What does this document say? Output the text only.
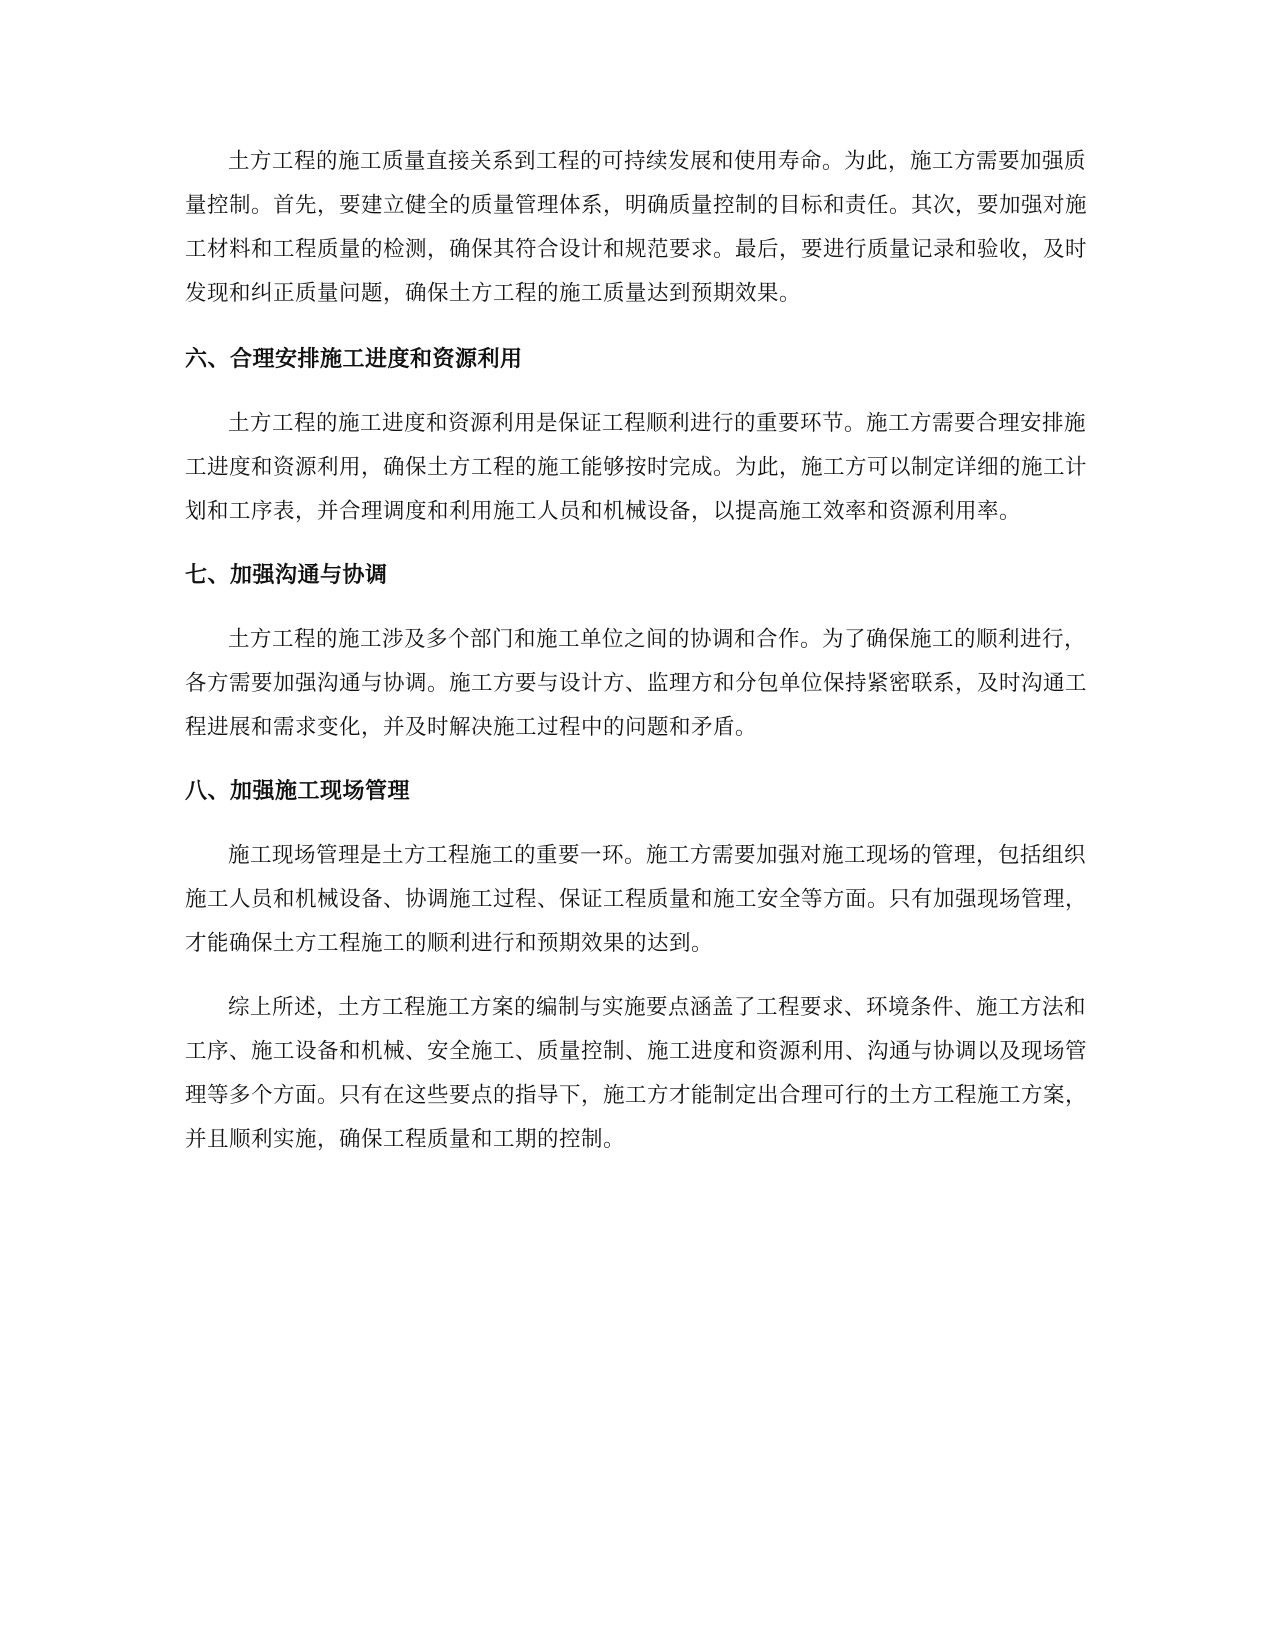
土方工程的施工质量直接关系到工程的可持续发展和使用寿命。为此，施工方需要加强质量控制。首先，要建立健全的质量管理体系，明确质量控制的目标和责任。其次，要加强对施工材料和工程质量的检测，确保其符合设计和规范要求。最后，要进行质量记录和验收，及时发现和纠正质量问题，确保土方工程的施工质量达到预期效果。

六、合理安排施工进度和资源利用

土方工程的施工进度和资源利用是保证工程顺利进行的重要环节。施工方需要合理安排施工进度和资源利用，确保土方工程的施工能够按时完成。为此，施工方可以制定详细的施工计划和工序表，并合理调度和利用施工人员和机械设备，以提高施工效率和资源利用率。

七、加强沟通与协调

土方工程的施工涉及多个部门和施工单位之间的协调和合作。为了确保施工的顺利进行，各方需要加强沟通与协调。施工方要与设计方、监理方和分包单位保持紧密联系，及时沟通工程进展和需求变化，并及时解决施工过程中的问题和矛盾。

八、加强施工现场管理

施工现场管理是土方工程施工的重要一环。施工方需要加强对施工现场的管理，包括组织施工人员和机械设备、协调施工过程、保证工程质量和施工安全等方面。只有加强现场管理，才能确保土方工程施工的顺利进行和预期效果的达到。

综上所述，土方工程施工方案的编制与实施要点涵盖了工程要求、环境条件、施工方法和工序、施工设备和机械、安全施工、质量控制、施工进度和资源利用、沟通与协调以及现场管理等多个方面。只有在这些要点的指导下，施工方才能制定出合理可行的土方工程施工方案，并且顺利实施，确保工程质量和工期的控制。
